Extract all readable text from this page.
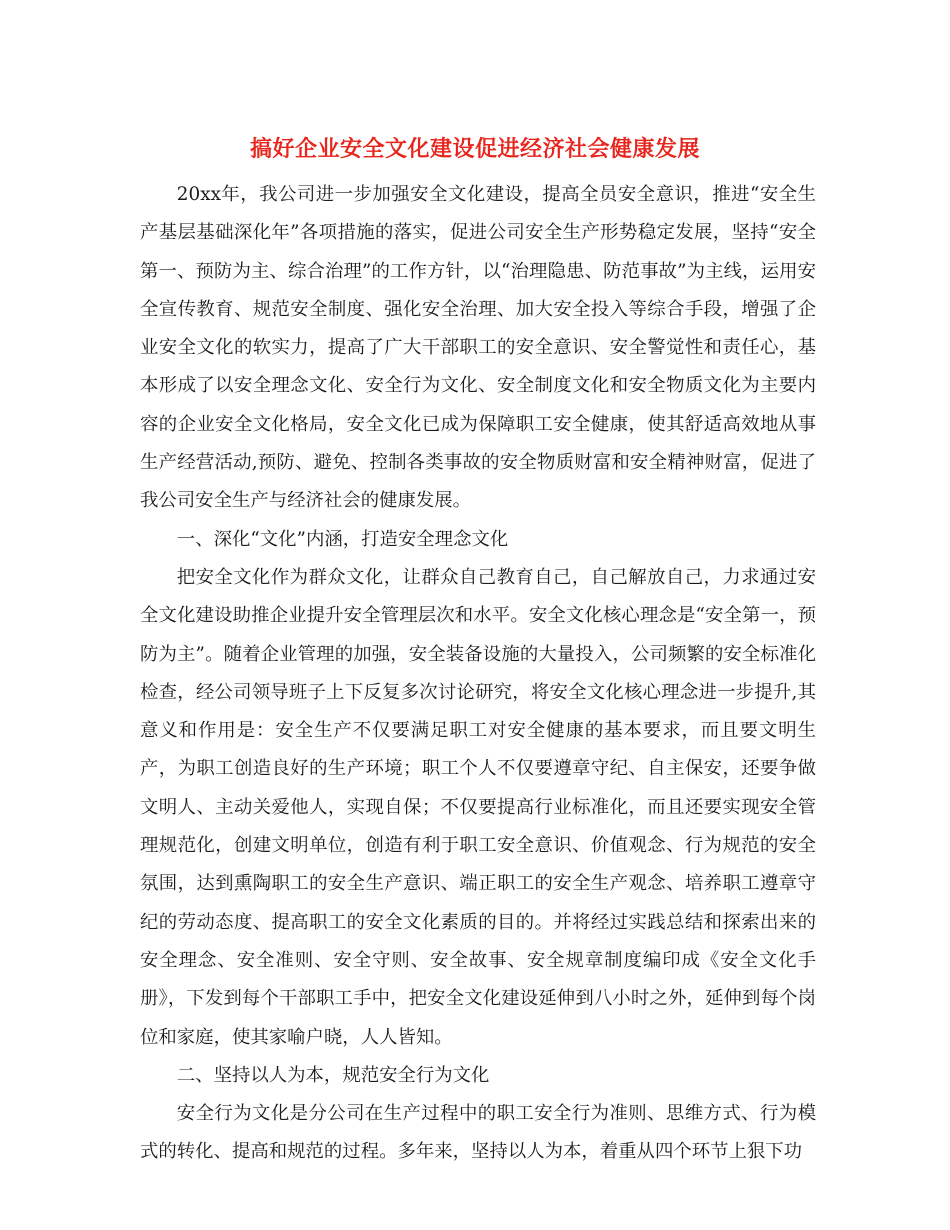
搞好企业安全文化建设促进经济社会健康发展

20xx年，我公司进一步加强安全文化建设，提高全员安全意识，推进“安全生产基层基础深化年”各项措施的落实，促进公司安全生产形势稳定发展，坚持“安全第一、预防为主、综合治理”的工作方针，以“治理隐患、防范事故”为主线，运用安全宣传教育、规范安全制度、强化安全治理、加大安全投入等综合手段，增强了企业安全文化的软实力，提高了广大干部职工的安全意识、安全警觉性和责任心，基本形成了以安全理念文化、安全行为文化、安全制度文化和安全物质文化为主要内容的企业安全文化格局，安全文化已成为保障职工安全健康，使其舒适高效地从事生产经营活动,预防、避免、控制各类事故的安全物质财富和安全精神财富，促进了我公司安全生产与经济社会的健康发展。

一、深化“文化”内涵，打造安全理念文化

把安全文化作为群众文化，让群众自己教育自己，自己解放自己，力求通过安全文化建设助推企业提升安全管理层次和水平。安全文化核心理念是“安全第一，预防为主”。随着企业管理的加强，安全装备设施的大量投入，公司频繁的安全标准化检查，经公司领导班子上下反复多次讨论研究，将安全文化核心理念进一步提升,其意义和作用是：安全生产不仅要满足职工对安全健康的基本要求，而且要文明生产，为职工创造良好的生产环境；职工个人不仅要遵章守纪、自主保安，还要争做文明人、主动关爱他人，实现自保；不仅要提高行业标准化，而且还要实现安全管理规范化，创建文明单位，创造有利于职工安全意识、价值观念、行为规范的安全氛围，达到熏陶职工的安全生产意识、端正职工的安全生产观念、培养职工遵章守纪的劳动态度、提高职工的安全文化素质的目的。并将经过实践总结和探索出来的安全理念、安全准则、安全守则、安全故事、安全规章制度编印成《安全文化手册》，下发到每个干部职工手中，把安全文化建设延伸到八小时之外，延伸到每个岗位和家庭，使其家喻户晓，人人皆知。

二、坚持以人为本，规范安全行为文化

安全行为文化是分公司在生产过程中的职工安全行为准则、思维方式、行为模式的转化、提高和规范的过程。多年来，坚持以人为本，着重从四个环节上狠下功
